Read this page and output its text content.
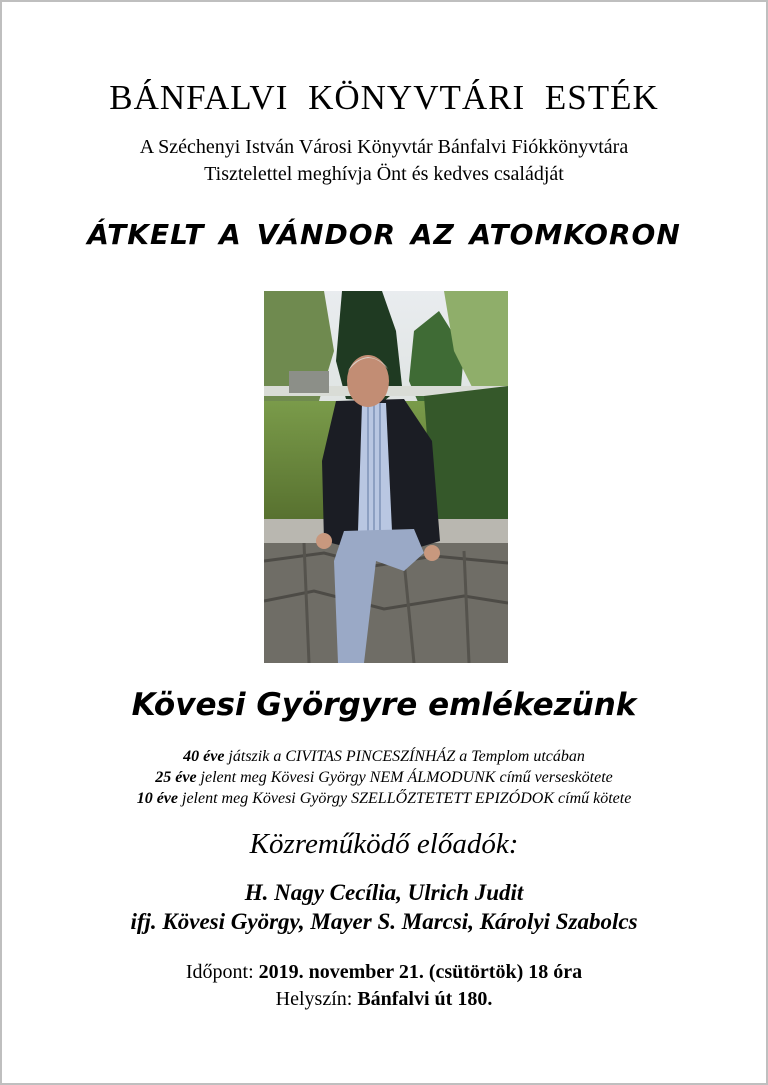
BÁNFALVI KÖNYVTÁRI ESTÉK
A Széchenyi István Városi Könyvtár Bánfalvi Fiókkönyvtára
Tisztelettel meghívja Önt és kedves családját
ÁTKELT A VÁNDOR AZ ATOMKORON
Kövesi Györgyre emlékezünk
40 éve játszik a CIVITAS PINCESZÍNHÁZ a Templom utcában
25 éve jelent meg Kövesi György NEM ÁLMODUNK című verseskötete
10 éve jelent meg Kövesi György SZELLŐZTETETT EPIZÓDOK című kötete
Közreműködő előadók:
H. Nagy Cecília, Ulrich Judit
ifj. Kövesi György, Mayer S. Marcsi, Károlyi Szabolcs
Időpont: 2019. november 21. (csütörtök) 18 óra
Helyszín: Bánfalvi út 180.
